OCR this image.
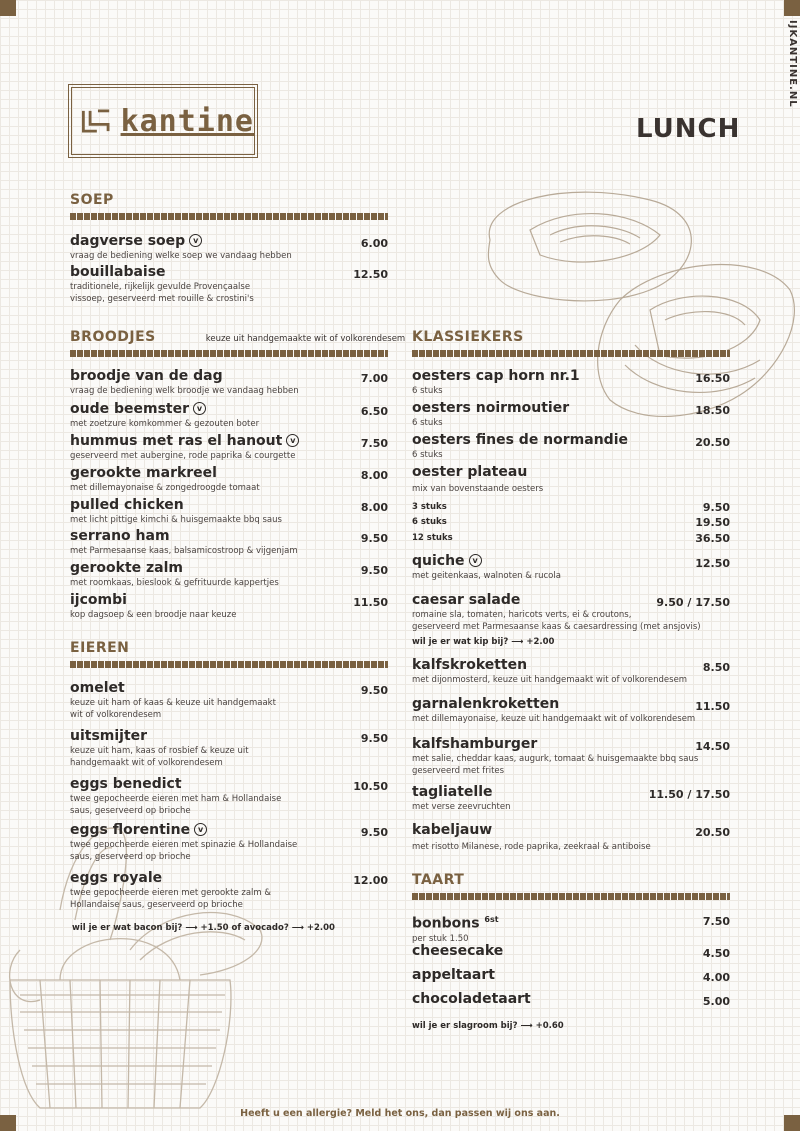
IJKANTINE.NL
kantine	LUNCH
SOEP
dagverse soep v
vraag de bediening welke soep we vandaag hebben
6.00
bouillabaise
traditionele, rijkelijk gevulde Provençaalse
vissoep, geserveerd met rouille & crostini's
12.50
BROODJES	keuze uit handgemaakte wit of volkorendesem
broodje van de dag
vraag de bediening welk broodje we vandaag hebben
7.00
oude beemster v
met zoetzure komkommer & gezouten boter
6.50
hummus met ras el hanout v
geserveerd met aubergine, rode paprika & courgette
7.50
gerookte markreel
met dillemayonaise & zongedroogde tomaat
8.00
pulled chicken
met licht pittige kimchi & huisgemaakte bbq saus
8.00
serrano ham
met Parmesaanse kaas, balsamicostroop & vijgenjam
9.50
gerookte zalm
met roomkaas, bieslook & gefrituurde kappertjes
9.50
ijcombi
kop dagsoep & een broodje naar keuze
11.50
EIEREN
omelet
keuze uit ham of kaas & keuze uit handgemaakt
wit of volkorendesem
9.50
uitsmijter
keuze uit ham, kaas of rosbief & keuze uit
handgemaakt wit of volkorendesem
9.50
eggs benedict
twee gepocheerde eieren met ham & Hollandaise
saus, geserveerd op brioche
10.50
eggs florentine v
twee gepocheerde eieren met spinazie & Hollandaise
saus, geserveerd op brioche
9.50
eggs royale
twee gepocheerde eieren met gerookte zalm &
Hollandaise saus, geserveerd op brioche
12.00
wil je er wat bacon bij? ⟶ +1.50 of avocado? ⟶ +2.00
KLASSIEKERS
oesters cap horn nr.1
6 stuks
16.50
oesters noirmoutier
6 stuks
18.50
oesters fines de normandie
6 stuks
20.50
oester plateau
mix van bovenstaande oesters
3 stuks	9.50
6 stuks	19.50
12 stuks	36.50
quiche v
met geitenkaas, walnoten & rucola
12.50
caesar salade
romaine sla, tomaten, haricots verts, ei & croutons,
geserveerd met Parmesaanse kaas & caesardressing (met ansjovis)
9.50 / 17.50
wil je er wat kip bij? ⟶ +2.00
kalfskroketten
met dijonmosterd, keuze uit handgemaakt wit of volkorendesem
8.50
garnalenkroketten
met dillemayonaise, keuze uit handgemaakt wit of volkorendesem
11.50
kalfshamburger
met salie, cheddar kaas, augurk, tomaat & huisgemaakte bbq saus
geserveerd met frites
14.50
tagliatelle
met verse zeevruchten
11.50 / 17.50
kabeljauw
met risotto Milanese, rode paprika, zeekraal & antiboise
20.50
TAART
bonbons $^{6st}$
per stuk 1.50
7.50
cheesecake	4.50
appeltaart	4.00
chocoladetaart	5.00
wil je er slagroom bij? ⟶ +0.60
Heeft u een allergie? Meld het ons, dan passen wij ons aan.
